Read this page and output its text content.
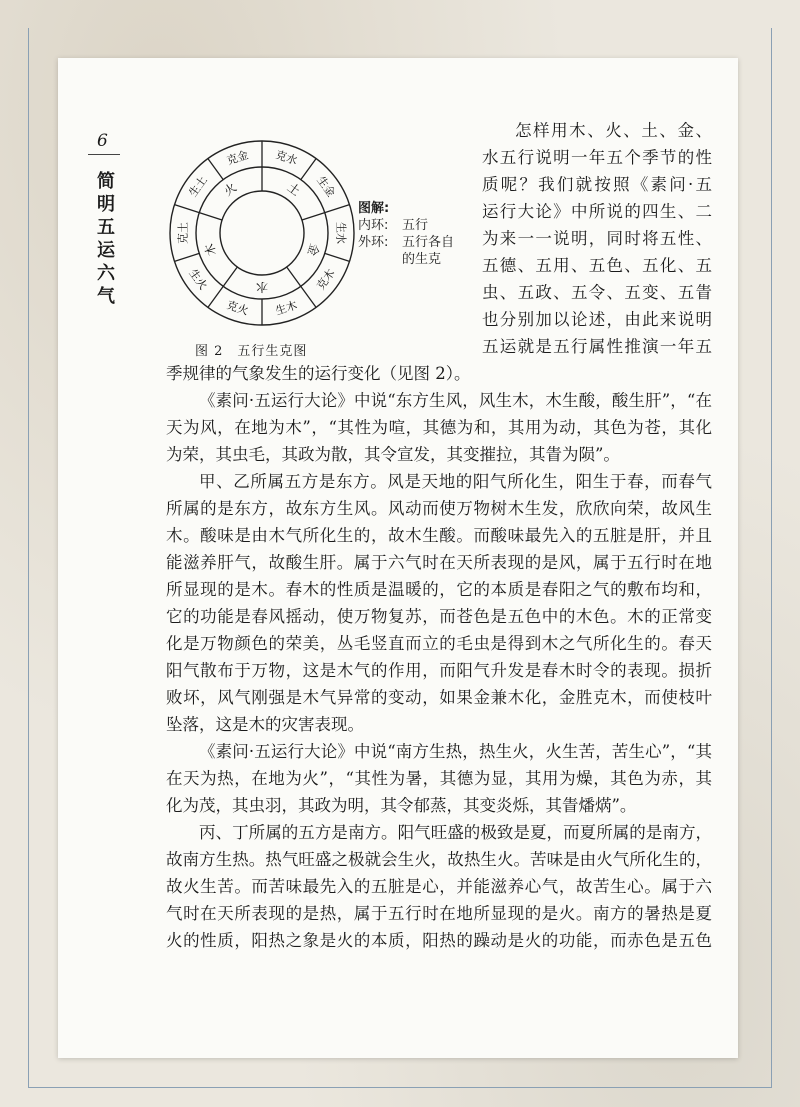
6
简
明
五
运
六
气
土
金
水
木
火
克水
生金
生水
克木
生木
克火
生火
克土
生土
克金
图 2　五行生克图
图解:
内环:	五行
外环:	五行各自
的生克
怎样用木、火、土、金、
水五行说明一年五个季节的性
质呢？我们就按照《素问·五
运行大论》中所说的四生、二
为来一一说明，同时将五性、
五德、五用、五色、五化、五
虫、五政、五令、五变、五眚
也分别加以论述，由此来说明
五运就是五行属性推演一年五
季规律的气象发生的运行变化（见图 2）。
《素问·五运行大论》中说“东方生风，风生木，木生酸，酸生肝”，“在
天为风，在地为木”，“其性为喧，其德为和，其用为动，其色为苍，其化
为荣，其虫毛，其政为散，其令宣发，其变摧拉，其眚为陨”。
甲、乙所属五方是东方。风是天地的阳气所化生，阳生于春，而春气
所属的是东方，故东方生风。风动而使万物树木生发，欣欣向荣，故风生
木。酸味是由木气所化生的，故木生酸。而酸味最先入的五脏是肝，并且
能滋养肝气，故酸生肝。属于六气时在天所表现的是风，属于五行时在地
所显现的是木。春木的性质是温暖的，它的本质是春阳之气的敷布均和，
它的功能是春风摇动，使万物复苏，而苍色是五色中的木色。木的正常变
化是万物颜色的荣美，丛毛竖直而立的毛虫是得到木之气所化生的。春天
阳气散布于万物，这是木气的作用，而阳气升发是春木时令的表现。损折
败坏，风气刚强是木气异常的变动，如果金兼木化，金胜克木，而使枝叶
坠落，这是木的灾害表现。
《素问·五运行大论》中说“南方生热，热生火，火生苦，苦生心”，“其
在天为热，在地为火”，“其性为暑，其德为显，其用为燥，其色为赤，其
化为茂，其虫羽，其政为明，其令郁蒸，其变炎烁，其眚燔焫”。
丙、丁所属的五方是南方。阳气旺盛的极致是夏，而夏所属的是南方，
故南方生热。热气旺盛之极就会生火，故热生火。苦味是由火气所化生的，
故火生苦。而苦味最先入的五脏是心，并能滋养心气，故苦生心。属于六
气时在天所表现的是热，属于五行时在地所显现的是火。南方的暑热是夏
火的性质，阳热之象是火的本质，阳热的躁动是火的功能，而赤色是五色
